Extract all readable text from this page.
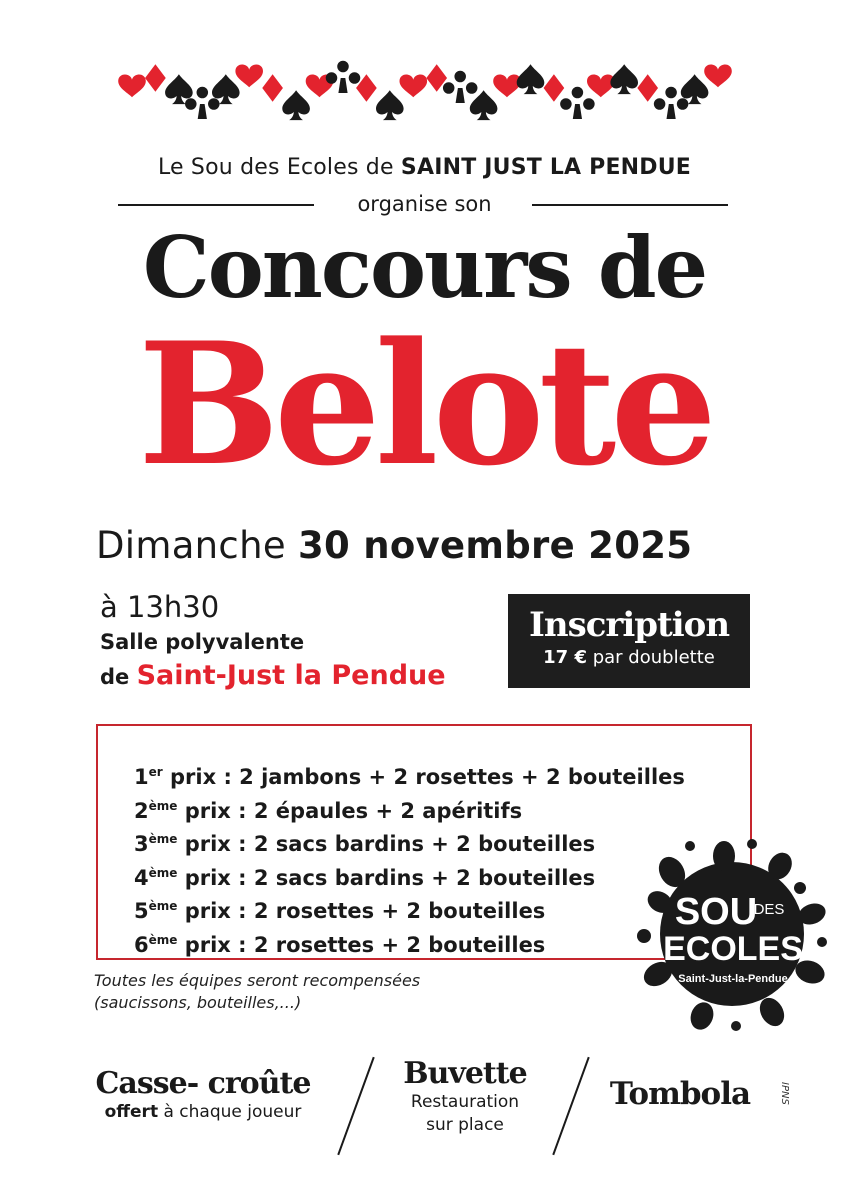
Le Sou des Ecoles de SAINT JUST LA PENDUE
organise son
Concours de
Belote
Dimanche 30 novembre 2025
à 13h30
Salle polyvalente
de Saint-Just la Pendue
Inscription
17 € par doublette
1er prix : 2 jambons + 2 rosettes + 2 bouteilles
2ème prix : 2 épaules + 2 apéritifs
3ème prix : 2 sacs bardins + 2 bouteilles
4ème prix : 2 sacs bardins + 2 bouteilles
5ème prix : 2 rosettes + 2 bouteilles
6ème prix : 2 rosettes + 2 bouteilles
Toutes les équipes seront recompensées
(saucissons, bouteilles,...)
SOU
DES
ECOLES
Saint-Just-la-Pendue
Casse- croûte
offert à chaque joueur
Buvette
Restauration
sur place
Tombola	IPNS
